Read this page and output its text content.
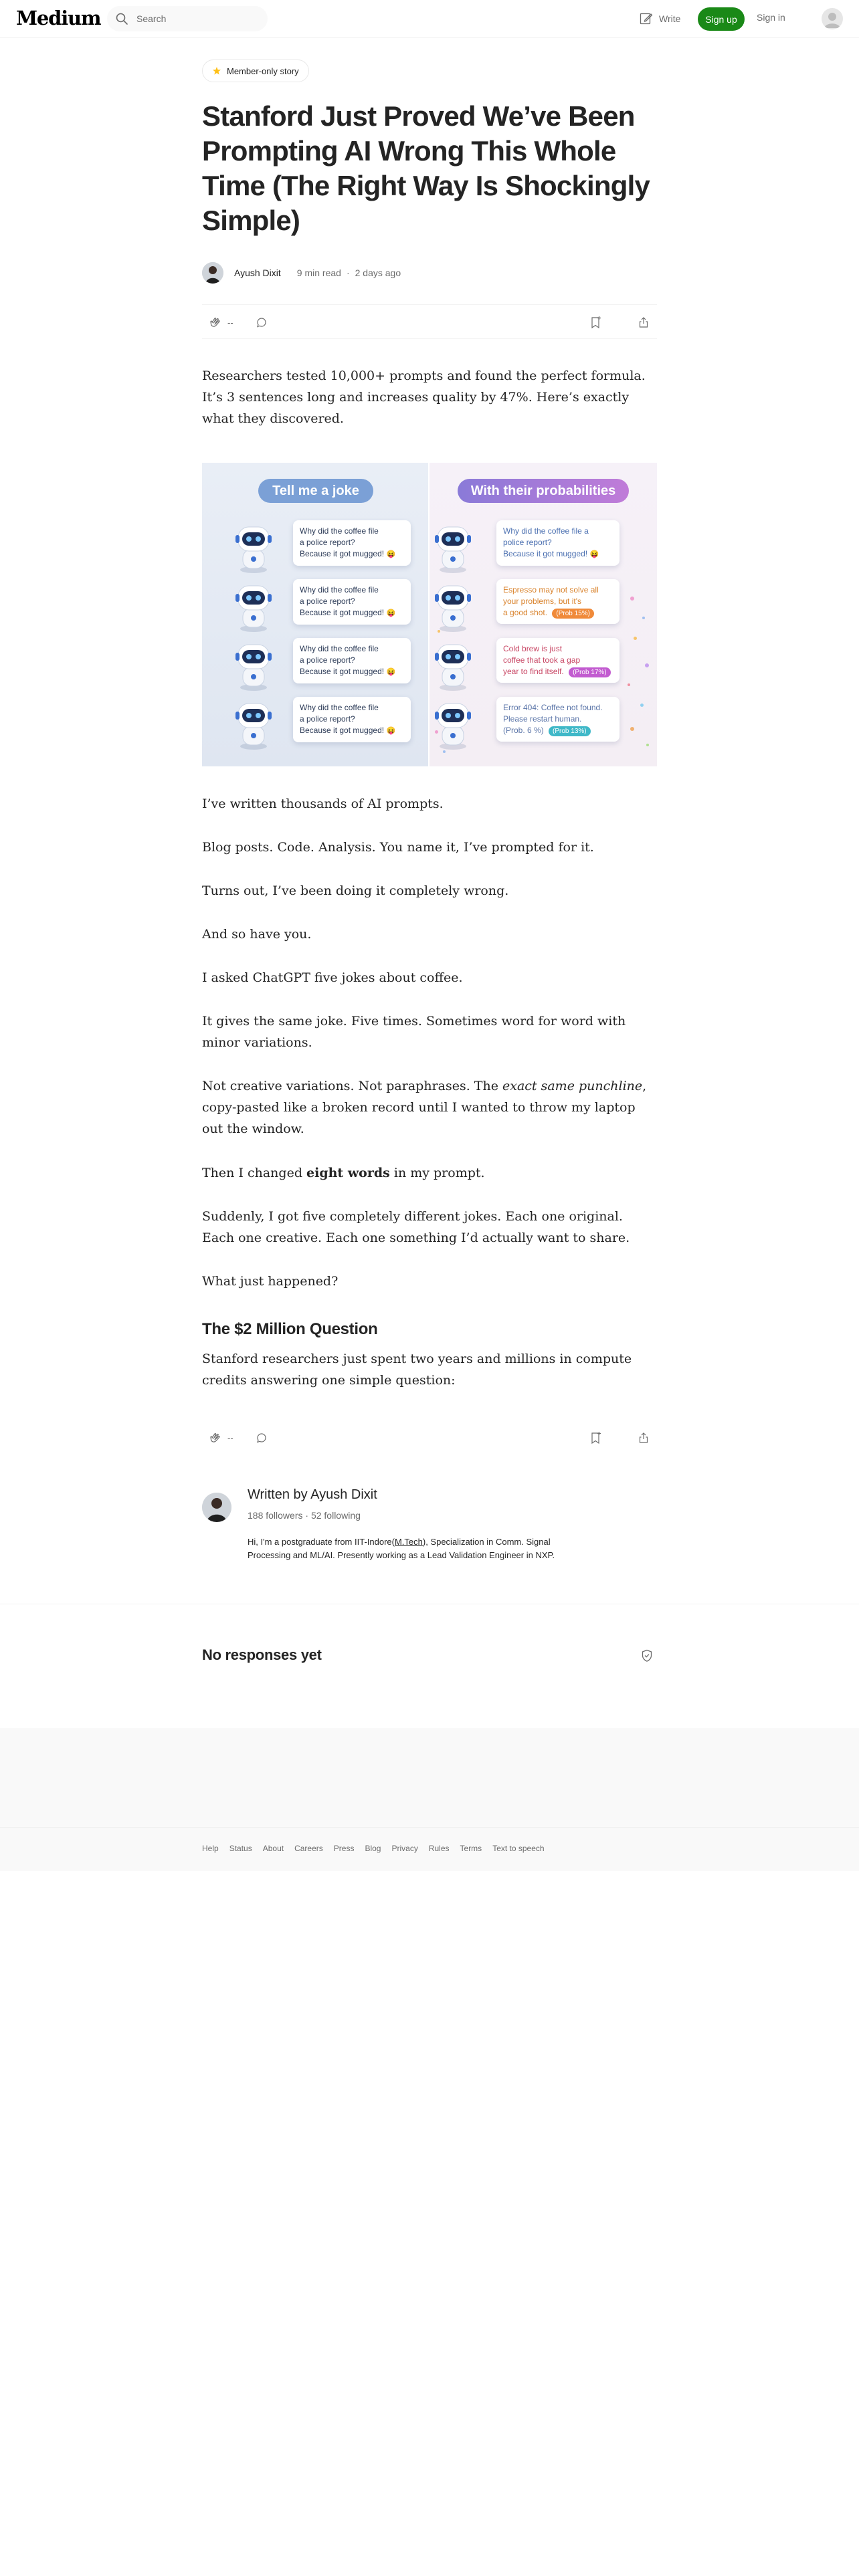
Medium
Search	Write	Sign up	Sign in
Member-only story
Stanford Just Proved We’ve Been Prompting AI Wrong This Whole Time (The Right Way Is Shockingly Simple)
Ayush Dixit 9 min read · 2 days ago
--

Researchers tested 10,000+ prompts and found the perfect formula. It’s 3 sentences long and increases quality by 47%. Here’s exactly what they discovered.

Tell me a joke
Why did the coffee file
a police report?
Because it got mugged! 😝
Why did the coffee file
a police report?
Because it got mugged! 😝
Why did the coffee file
a police report?
Because it got mugged! 😝
Why did the coffee file
a police report?
Because it got mugged! 😝
With their probabilities
Why did the coffee file a
police report?
Because it got mugged! 😝
Espresso may not solve all
your problems, but it's
a good shot. (Prob 15%)
Cold brew is just
coffee that took a gap
year to find itself. (Prob 17%)
Error 404: Coffee not found.
Please restart human.
(Prob. 6 %) (Prob 13%)

I’ve written thousands of AI prompts.

Blog posts. Code. Analysis. You name it, I’ve prompted for it.

Turns out, I’ve been doing it completely wrong.

And so have you.

I asked ChatGPT five jokes about coffee.

It gives the same joke. Five times. Sometimes word for word with minor variations.

Not creative variations. Not paraphrases. The exact same punchline, copy-pasted like a broken record until I wanted to throw my laptop out the window.

Then I changed eight words in my prompt.

Suddenly, I got five completely different jokes. Each one original. Each one creative. Each one something I’d actually want to share.

What just happened?

The $2 Million Question

Stanford researchers just spent two years and millions in compute credits answering one simple question:

--
Written by Ayush Dixit
188 followers · 52 following
Hi, I'm a postgraduate from IIT-Indore(M.Tech), Specialization in Comm. Signal Processing and ML/AI. Presently working as a Lead Validation Engineer in NXP.
No responses yet
Help Status About Careers Press Blog Privacy Rules Terms Text to speech
